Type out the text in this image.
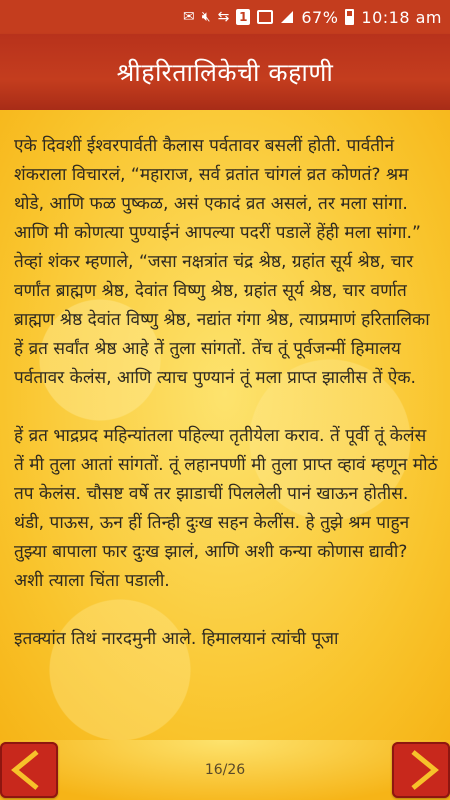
✉ 🔇︎ ⇆ 1	67% 10:18 am
श्रीहरितालिकेची कहाणी

एके दिवशीं ईश्वरपार्वती कैलास पर्वतावर बसलीं होती. पार्वतीनं शंकराला विचारलं, “महाराज, सर्व व्रतांत चांगलं व्रत कोणतं? श्रम थोडे, आणि फळ पुष्कळ, असं एकादं व्रत असलं, तर मला सांगा. आणि मी कोणत्या पुण्याईनं आपल्या पदरीं पडालें हेंही मला सांगा.” तेव्हां शंकर म्हणाले, “जसा नक्षत्रांत चंद्र श्रेष्ठ, ग्रहांत सूर्य श्रेष्ठ, चार वर्णांत ब्राह्मण श्रेष्ठ, देवांत विष्णु श्रेष्ठ, ग्रहांत सूर्य श्रेष्ठ, चार वर्णात ब्राह्मण श्रेष्ठ देवांत विष्णु श्रेष्ठ, नद्यांत गंगा श्रेष्ठ, त्याप्रमाणं हरितालिका हें व्रत सर्वांत श्रेष्ठ आहे तें तुला सांगतों. तेंच तूं पूर्वजन्मीं हिमालय पर्वतावर केलंस, आणि त्याच पुण्यानं तूं मला प्राप्त झालीस तें ऐक.

हें व्रत भाद्रप्रद महिन्यांतला पहिल्या तृतीयेला कराव. तें पूर्वी तूं केलंस तें मी तुला आतां सांगतों. तूं लहानपणीं मी तुला प्राप्त व्हावं म्हणून मोठं तप केलंस. चौसष्ट वर्षे तर झाडाचीं पिललेली पानं खाऊन होतीस. थंडी, पाऊस, ऊन हीं तिन्ही दुःख सहन केलींस. हे तुझे श्रम पाहुन तुझ्या बापाला फार दुःख झालं, आणि अशी कन्या कोणास द्यावी? अशी त्याला चिंता पडाली.

इतक्यांत तिथं नारदमुनी आले. हिमालयानं त्यांची पूजा

16/26
